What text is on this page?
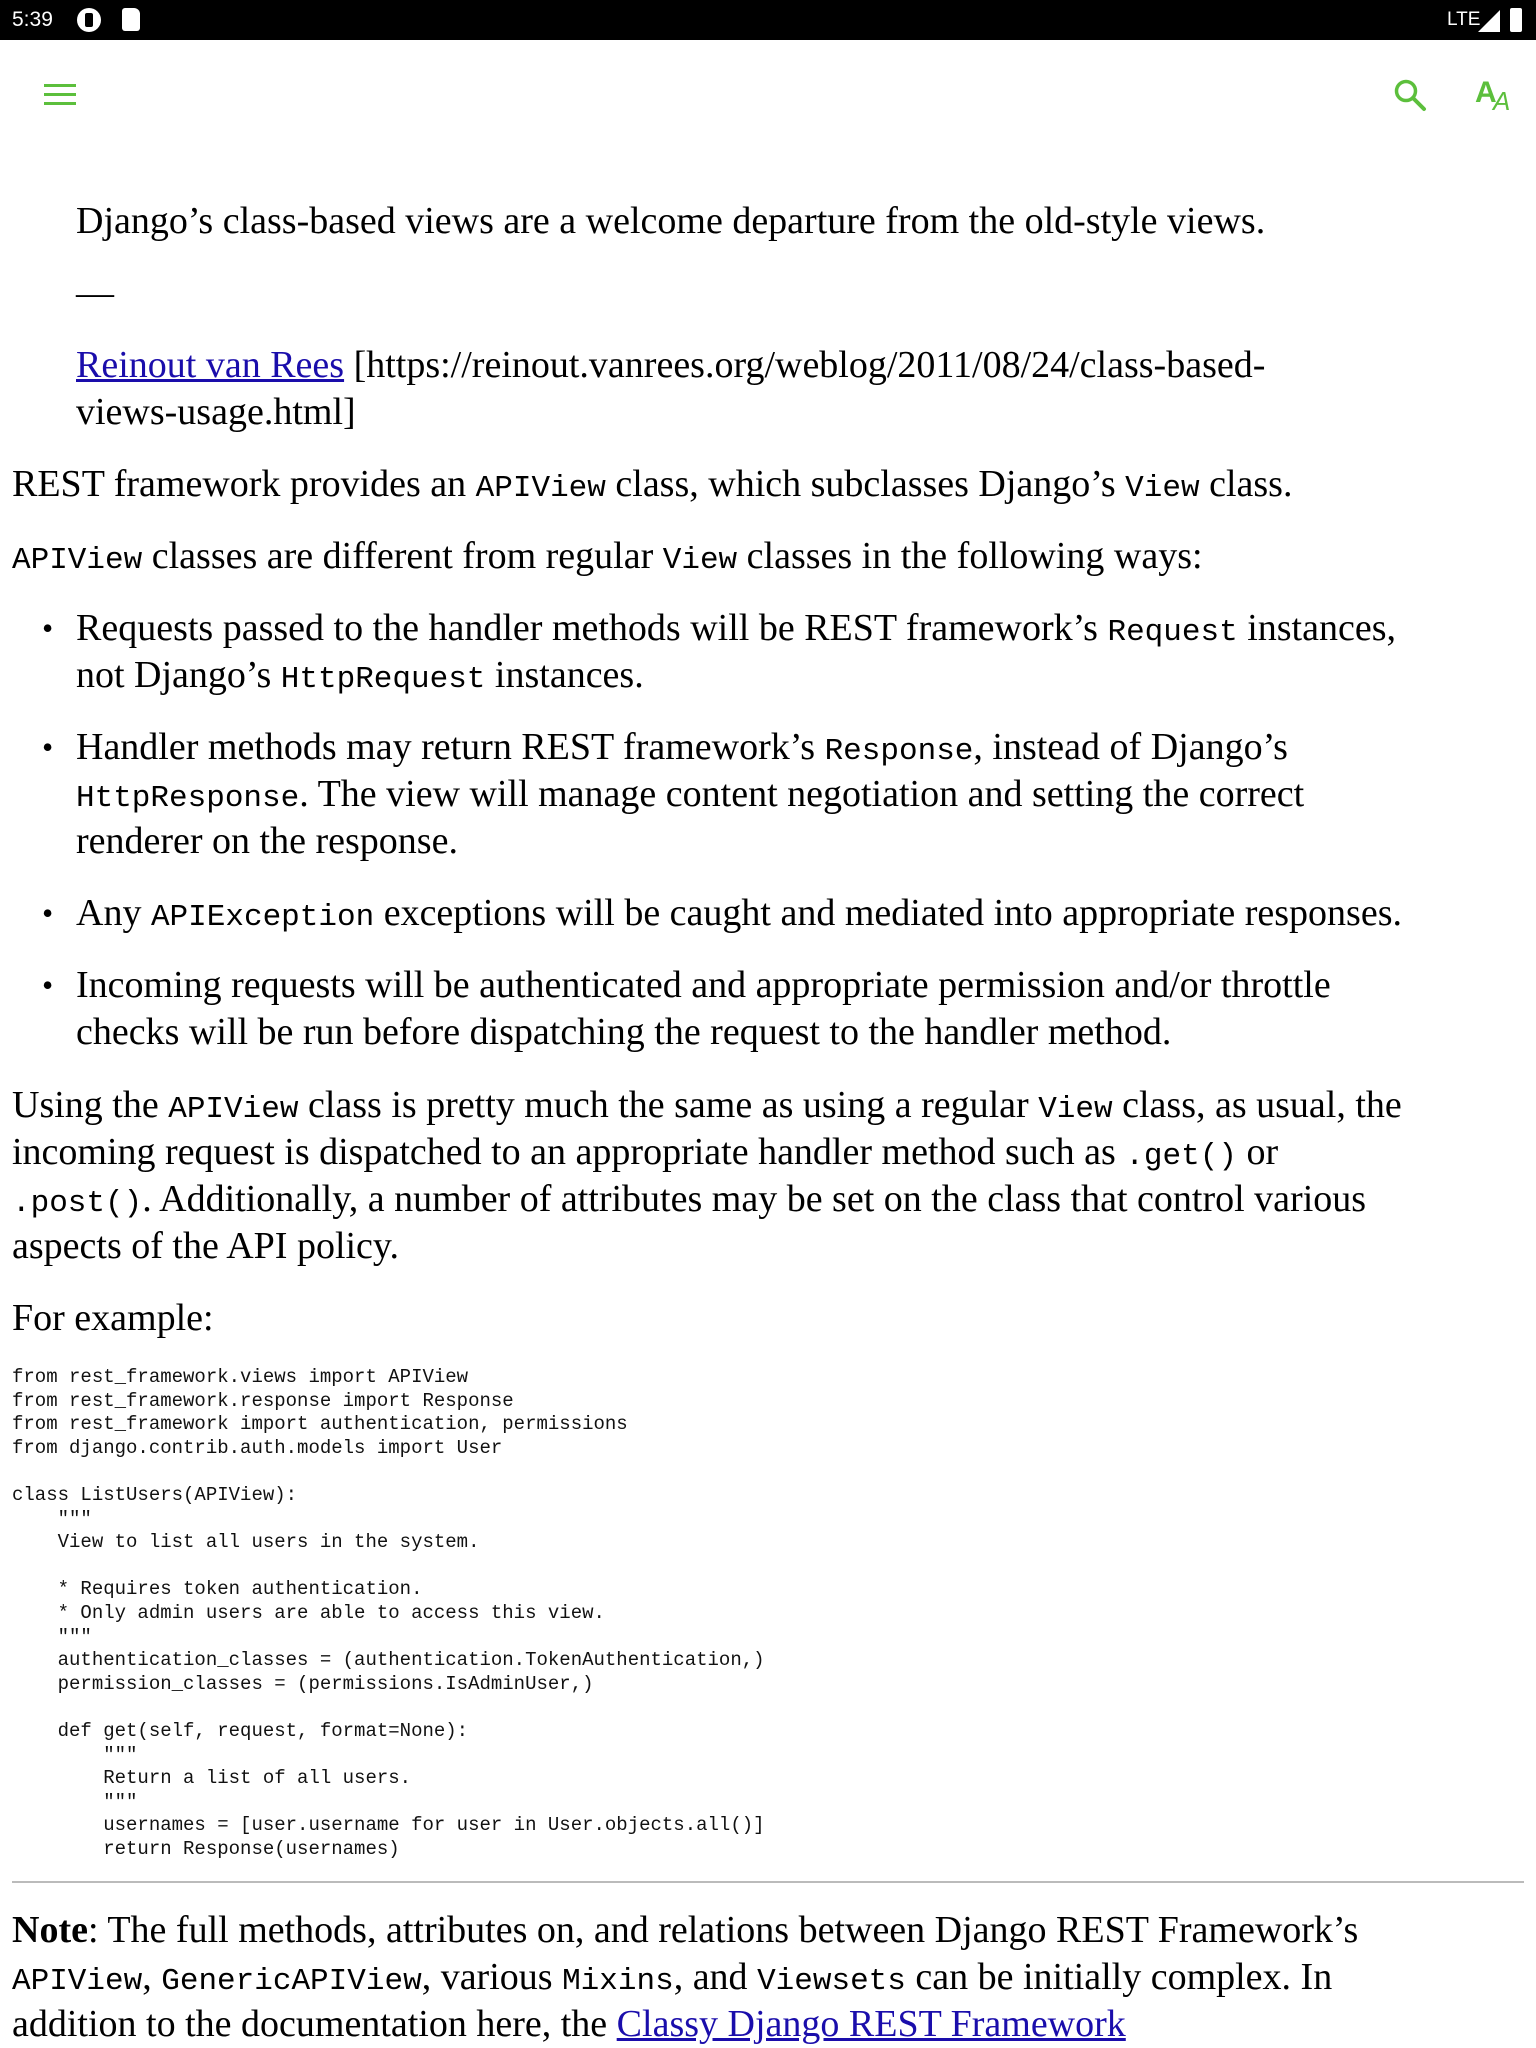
Django’s class-based views are a welcome departure from the old-style views.
—
Reinout van Rees [https://reinout.vanrees.org/weblog/2011/08/24/class-based-
views-usage.html]
REST framework provides an APIView class, which subclasses Django’s View class.
APIView classes are different from regular View classes in the following ways:
• Requests passed to the handler methods will be REST framework’s Request instances,
not Django’s HttpRequest instances.
• Handler methods may return REST framework’s Response, instead of Django’s
HttpResponse. The view will manage content negotiation and setting the correct
renderer on the response.
• Any APIException exceptions will be caught and mediated into appropriate responses.
• Incoming requests will be authenticated and appropriate permission and/or throttle
checks will be run before dispatching the request to the handler method.
Using the APIView class is pretty much the same as using a regular View class, as usual, the
incoming request is dispatched to an appropriate handler method such as .get() or
.post(). Additionally, a number of attributes may be set on the class that control various
aspects of the API policy.
For example:
from rest_framework.views import APIView
from rest_framework.response import Response
from rest_framework import authentication, permissions
from django.contrib.auth.models import User

class ListUsers(APIView):
"""
View to list all users in the system.

* Requires token authentication.
* Only admin users are able to access this view.
"""
authentication_classes = (authentication.TokenAuthentication,)
permission_classes = (permissions.IsAdminUser,)

def get(self, request, format=None):
"""
Return a list of all users.
"""
usernames = [user.username for user in User.objects.all()]
return Response(usernames)
Note: The full methods, attributes on, and relations between Django REST Framework’s
APIView, GenericAPIView, various Mixins, and Viewsets can be initially complex. In
addition to the documentation here, the Classy Django REST Framework
A
A
5:39	LTE
